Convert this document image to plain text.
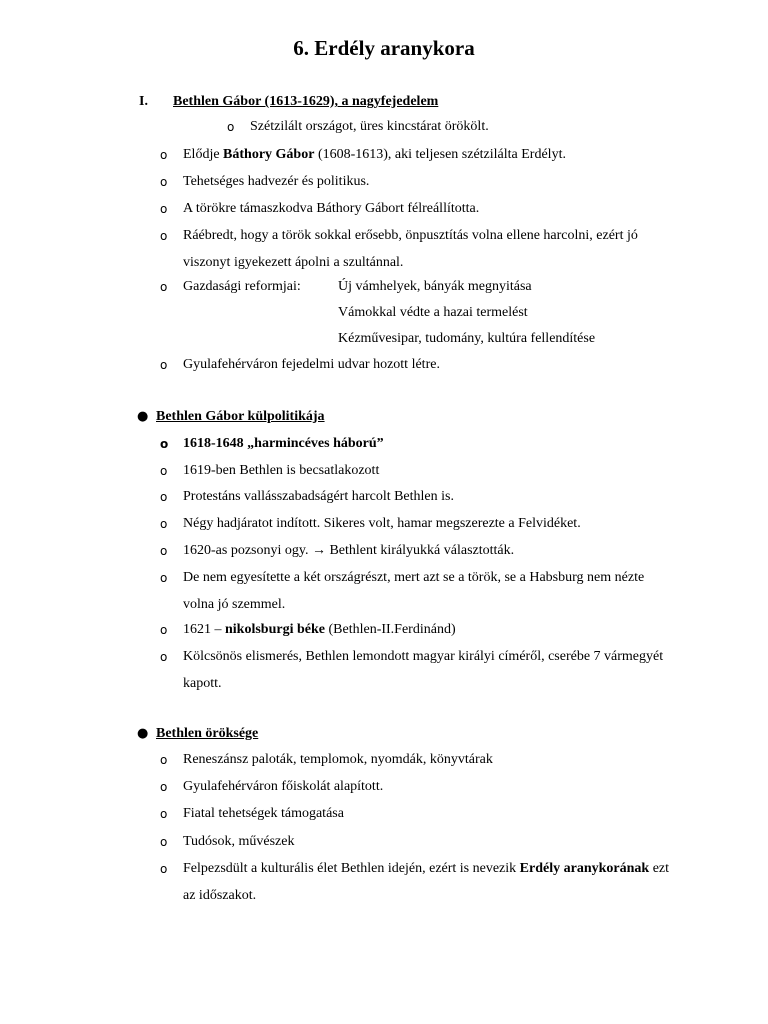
6. Erdély aranykora
I. Bethlen Gábor (1613-1629), a nagyfejedelem
o Szétzilált országot, üres kincstárat örökölt.
o Elődje Báthory Gábor (1608-1613), aki teljesen szétzilálta Erdélyt.
o Tehetséges hadvezér és politikus.
o A törökre támaszkodva Báthory Gábort félreállította.
o Ráébredt, hogy a török sokkal erősebb, önpusztítás volna ellene harcolni, ezért jó
viszonyt igyekezett ápolni a szultánnal.
o Gazdasági reformjai:	Új vámhelyek, bányák megnyitása
Vámokkal védte a hazai termelést
Kézművesipar, tudomány, kultúra fellendítése
o Gyulafehérváron fejedelmi udvar hozott létre.
● Bethlen Gábor külpolitikája
o 1618-1648 „harmincéves háború”
o 1619-ben Bethlen is becsatlakozott
o Protestáns vallásszabadságért harcolt Bethlen is.
o Négy hadjáratot indított. Sikeres volt, hamar megszerezte a Felvidéket.
o 1620-as pozsonyi ogy. → Bethlent királyukká választották.
o De nem egyesítette a két országrészt, mert azt se a török, se a Habsburg nem nézte
volna jó szemmel.
o 1621 – nikolsburgi béke (Bethlen-II.Ferdinánd)
o Kölcsönös elismerés, Bethlen lemondott magyar királyi címéről, cserébe 7 vármegyét
kapott.
● Bethlen öröksége
o Reneszánsz paloták, templomok, nyomdák, könyvtárak
o Gyulafehérváron főiskolát alapított.
o Fiatal tehetségek támogatása
o Tudósok, művészek
o Felpezsdült a kulturális élet Bethlen idején, ezért is nevezik Erdély aranykorának ezt
az időszakot.
